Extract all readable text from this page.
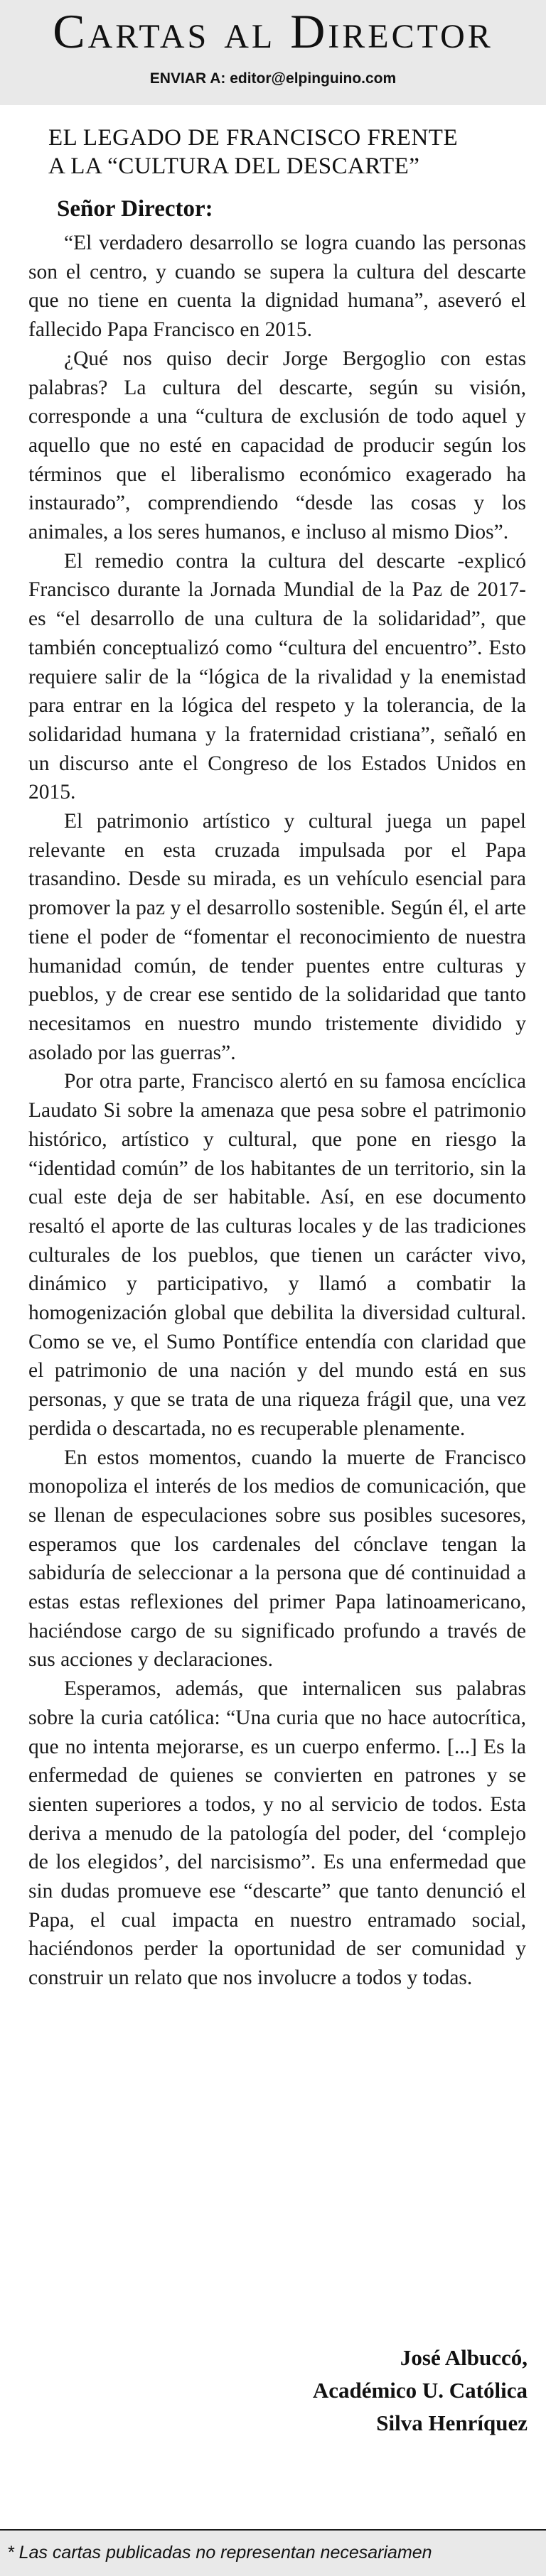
Cartas al Director
ENVIAR A: editor@elpinguino.com
EL LEGADO DE FRANCISCO FRENTE
A LA “CULTURA DEL DESCARTE”
Señor Director:

“El verdadero desarrollo se logra cuando las personas son el centro, y cuando se supera la cultura del descarte que no tiene en cuenta la dignidad humana”, aseveró el fallecido Papa Francisco en 2015.

¿Qué nos quiso decir Jorge Bergoglio con estas palabras? La cultura del descarte, según su visión, corresponde a una “cultura de exclusión de todo aquel y aquello que no esté en capacidad de producir según los términos que el liberalismo económico exagerado ha instaurado”, comprendiendo “desde las cosas y los animales, a los seres humanos, e incluso al mismo Dios”.

El remedio contra la cultura del descarte -explicó Francisco durante la Jornada Mundial de la Paz de 2017- es “el desarrollo de una cultura de la solidaridad”, que también conceptualizó como “cultura del encuentro”. Esto requiere salir de la “lógica de la rivalidad y la enemistad para entrar en la lógica del respeto y la tolerancia, de la solidaridad humana y la fraternidad cristiana”, señaló en un discurso ante el Congreso de los Estados Unidos en 2015.

El patrimonio artístico y cultural juega un papel relevante en esta cruzada impulsada por el Papa trasandino. Desde su mirada, es un vehículo esencial para promover la paz y el desarrollo sostenible. Según él, el arte tiene el poder de “fomentar el reconocimiento de nuestra humanidad común, de tender puentes entre culturas y pueblos, y de crear ese sentido de la solidaridad que tanto necesitamos en nuestro mundo tristemente dividido y asolado por las guerras”.

Por otra parte, Francisco alertó en su famosa encíclica Laudato Si sobre la amenaza que pesa sobre el patrimonio histórico, artístico y cultural, que pone en riesgo la “identidad común” de los habitantes de un territorio, sin la cual este deja de ser habitable. Así, en ese documento resaltó el aporte de las culturas locales y de las tradiciones culturales de los pueblos, que tienen un carácter vivo, dinámico y participativo, y llamó a combatir la homogenización global que debilita la diversidad cultural. Como se ve, el Sumo Pontífice entendía con claridad que el patrimonio de una nación y del mundo está en sus personas, y que se trata de una riqueza frágil que, una vez perdida o descartada, no es recuperable plenamente.

En estos momentos, cuando la muerte de Francisco monopoliza el interés de los medios de comunicación, que se llenan de especulaciones sobre sus posibles sucesores, esperamos que los cardenales del cónclave tengan la sabiduría de seleccionar a la persona que dé continuidad a estas estas reflexiones del primer Papa latinoamericano, haciéndose cargo de su significado profundo a través de sus acciones y declaraciones.

Esperamos, además, que internalicen sus palabras sobre la curia católica: “Una curia que no hace autocrítica, que no intenta mejorarse, es un cuerpo enfermo. [...] Es la enfermedad de quienes se convierten en patrones y se sienten superiores a todos, y no al servicio de todos. Esta deriva a menudo de la patología del poder, del ‘complejo de los elegidos’, del narcisismo”. Es una enfermedad que sin dudas promueve ese “descarte” que tanto denunció el Papa, el cual impacta en nuestro entramado social, haciéndonos perder la oportunidad de ser comunidad y construir un relato que nos involucre a todos y todas.

José Albuccó,
Académico U. Católica
Silva Henríquez
* Las cartas publicadas no representan necesariamen
